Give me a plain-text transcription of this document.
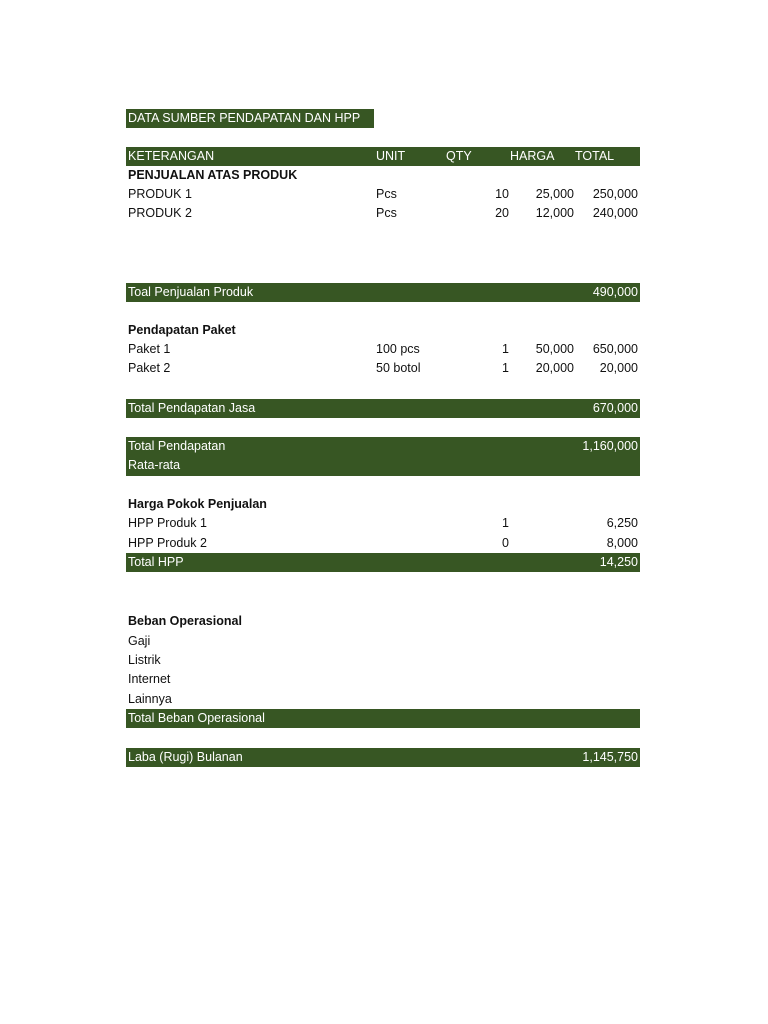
DATA SUMBER PENDAPATAN DAN HPP
KETERANGAN	UNIT	QTY	HARGA TOTAL
PENJUALAN ATAS PRODUK
PRODUK 1	Pcs	10 25,000 250,000
PRODUK 2	Pcs	20 12,000 240,000
Toal Penjualan Produk	490,000
Pendapatan Paket
Paket 1	100 pcs	1 50,000 650,000
Paket 2	50 botol	1 20,000 20,000
Total Pendapatan Jasa	670,000
Total Pendapatan	1,160,000
Rata-rata
Harga Pokok Penjualan
HPP Produk 1	1	6,250
HPP Produk 2	0	8,000
Total HPP	14,250
Beban Operasional
Gaji
Listrik
Internet
Lainnya
Total Beban Operasional
Laba (Rugi) Bulanan	1,145,750
